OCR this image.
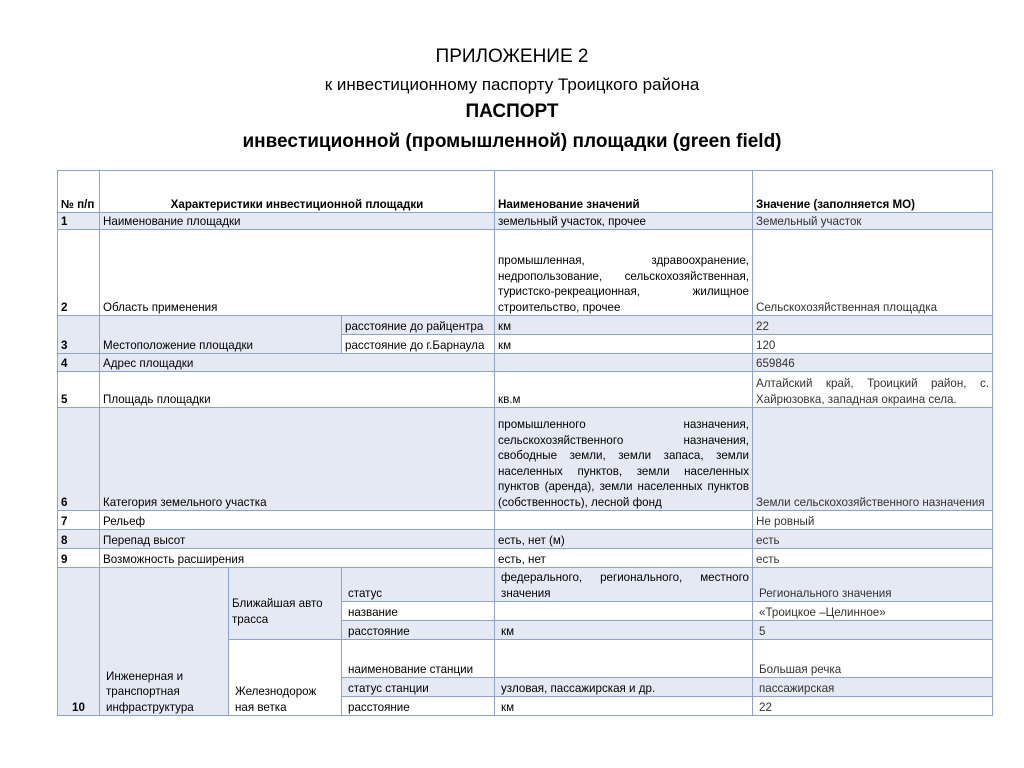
ПРИЛОЖЕНИЕ 2
к инвестиционному паспорту Троицкого района
ПАСПОРТ
инвестиционной (промышленной) площадки (green field)
№ п/п	Характеристики инвестиционной площадки			Наименование значений	Значение (заполняется МО)
1	Наименование площадки			земельный участок, прочее	Земельный участок
2	Область применения			промышленная, здравоохранение, недропользование, сельскохозяйственная, туристско-рекреационная, жилищное строительство, прочее	Сельскохозяйственная площадка
3	Местоположение площадки		расстояние до райцентра	км	22
			расстояние до г.Барнаула	км	120
4	Адрес площадки				659846
5	Площадь площадки			кв.м	Алтайский край, Троицкий район, с. Хайрюзовка, западная окраина села.
6	Категория земельного участка			промышленного назначения, сельскохозяйственного назначения, свободные земли, земли запаса, земли населенных пунктов, земли населенных пунктов (аренда), земли населенных пунктов (собственность), лесной фонд	Земли сельскохозяйственного назначения
7	Рельеф				Не ровный
8	Перепад высот			есть, нет (м)	есть
9	Возможность расширения			есть, нет	есть
10	Инженерная и транспортная инфраструктура	Ближайшая авто трасса	статус	федерального, регионального, местного значения	Регионального значения
			название		«Троицкое –Целинное»
			расстояние	км	5
		Железнодорож ная ветка	наименование станции		Большая речка
			статус станции	узловая, пассажирская и др.	пассажирская
			расстояние	км	22
